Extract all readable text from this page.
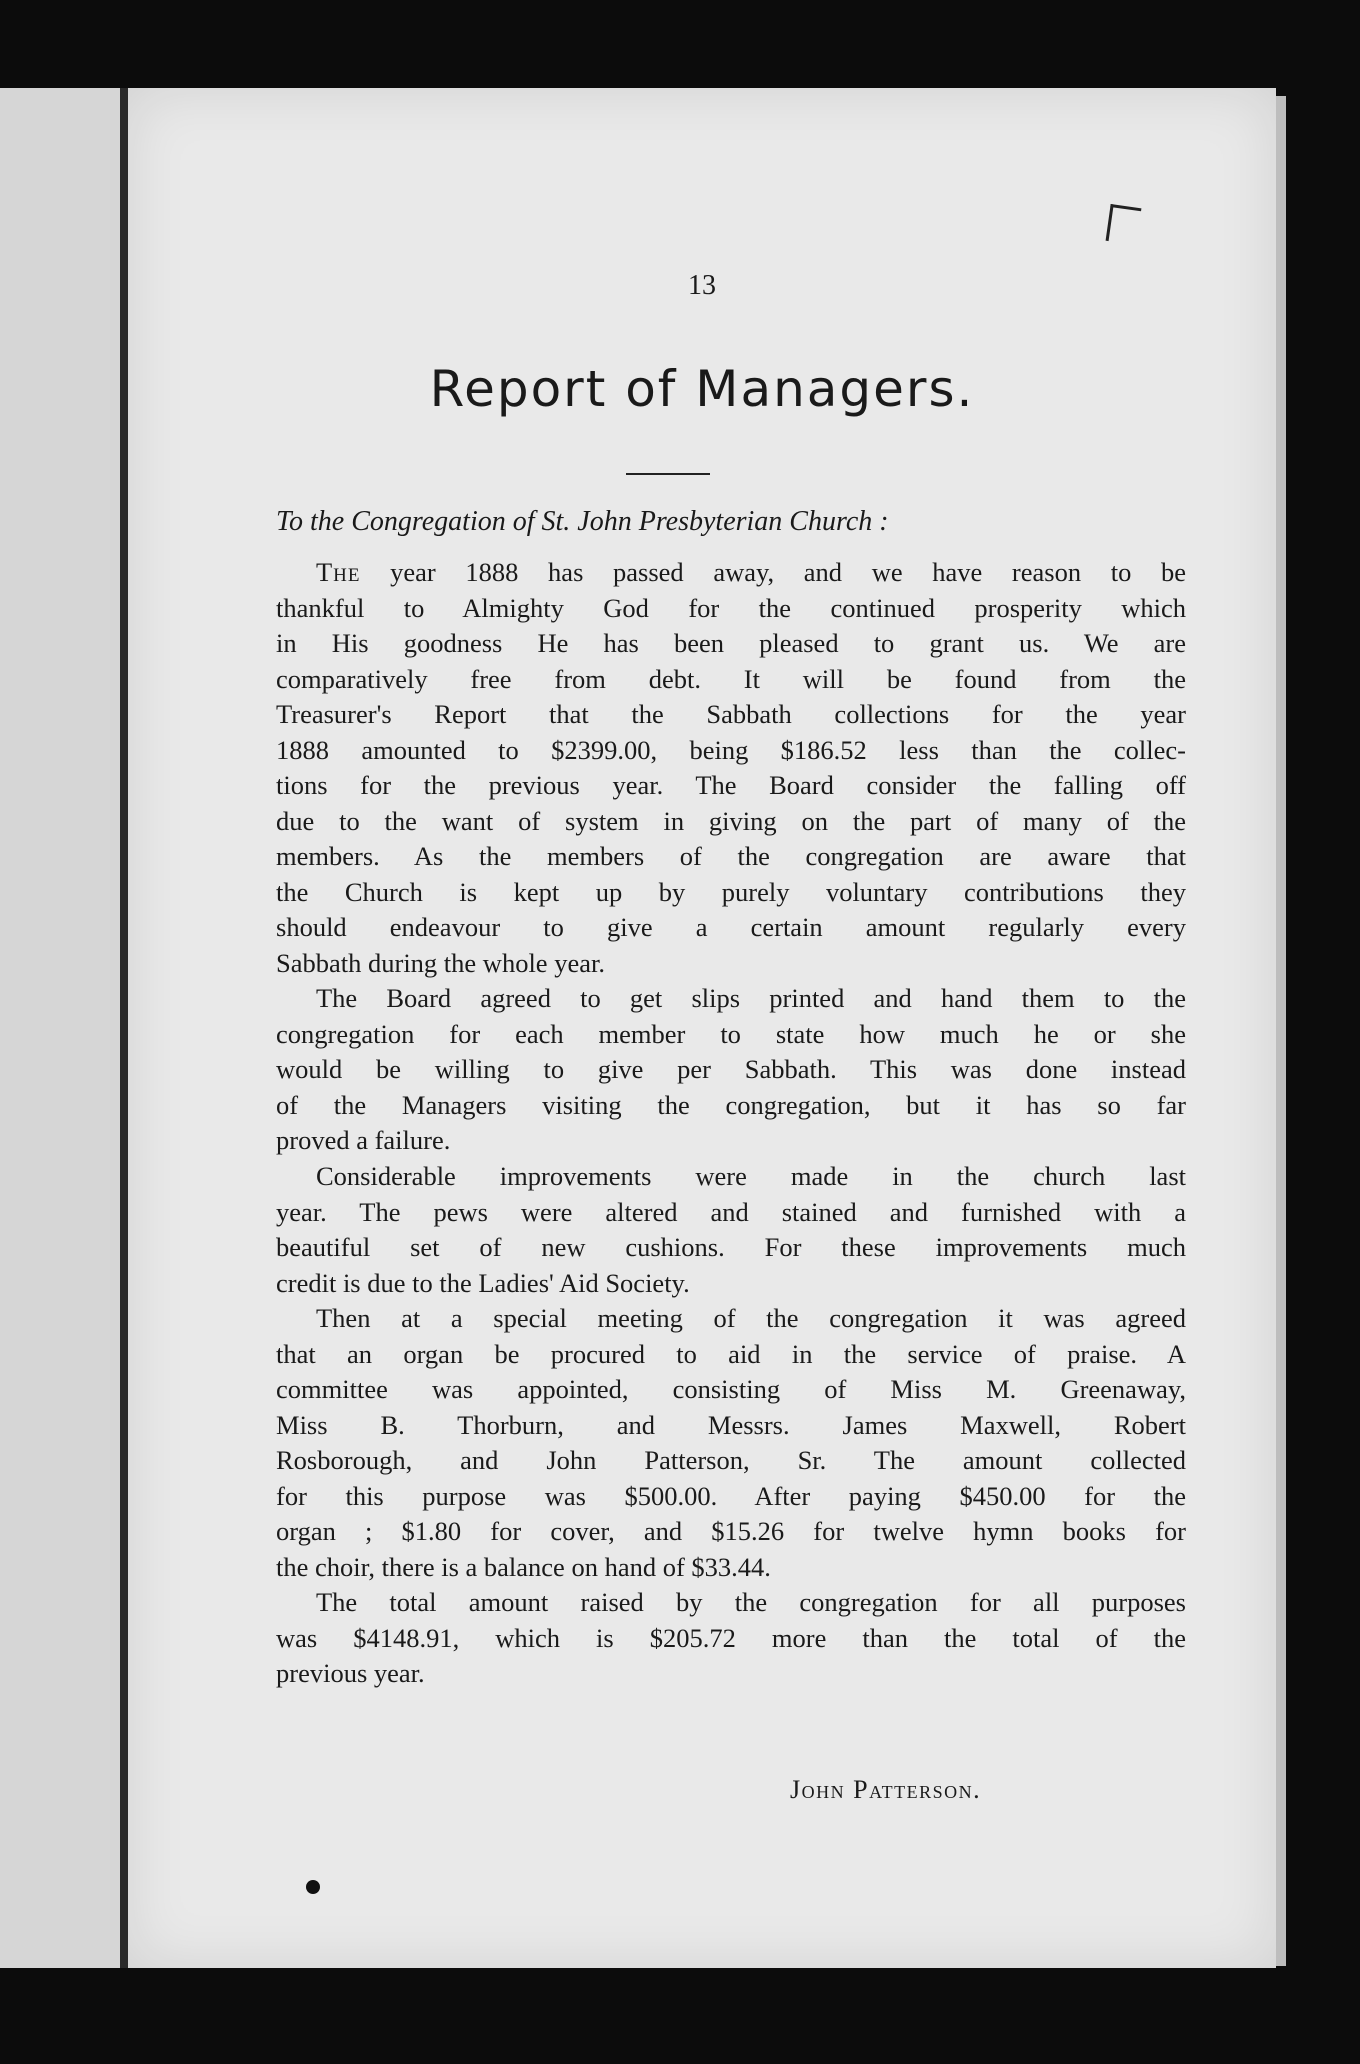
13
Report of Managers.
To the Congregation of St. John Presbyterian Church :
The year 1888 has passed away, and we have reason to be
thankful to Almighty God for the continued prosperity which
in His goodness He has been pleased to grant us. We are
comparatively free from debt. It will be found from the
Treasurer's Report that the Sabbath collections for the year
1888 amounted to $2399.00, being $186.52 less than the collec-
tions for the previous year. The Board consider the falling off
due to the want of system in giving on the part of many of the
members. As the members of the congregation are aware that
the Church is kept up by purely voluntary contributions they
should endeavour to give a certain amount regularly every
Sabbath during the whole year.
The Board agreed to get slips printed and hand them to the
congregation for each member to state how much he or she
would be willing to give per Sabbath. This was done instead
of the Managers visiting the congregation, but it has so far
proved a failure.
Considerable improvements were made in the church last
year. The pews were altered and stained and furnished with a
beautiful set of new cushions. For these improvements much
credit is due to the Ladies' Aid Society.
Then at a special meeting of the congregation it was agreed
that an organ be procured to aid in the service of praise. A
committee was appointed, consisting of Miss M. Greenaway,
Miss B. Thorburn, and Messrs. James Maxwell, Robert
Rosborough, and John Patterson, Sr. The amount collected
for this purpose was $500.00. After paying $450.00 for the
organ ; $1.80 for cover, and $15.26 for twelve hymn books for
the choir, there is a balance on hand of $33.44.
The total amount raised by the congregation for all purposes
was $4148.91, which is $205.72 more than the total of the
previous year.
John Patterson.
